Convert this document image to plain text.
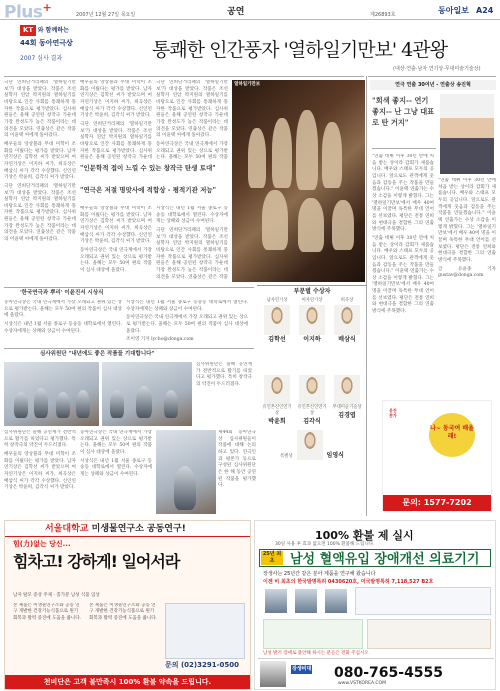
Plus+
2007년 12월 27일 목요일	공연	제26893호	동아일보 A24
KT 와 함께하는
44회 동아연극상
2007 심사 결과	통쾌한 인간풍자 '열하일기만보' 4관왕
(대상·연출·남자 연기상·무대미술기술상)

극단 연희단거리패의 '열하일기만보'가 대상을 받았다. 작품은 조선 실학자 연암 박지원의 열하일기를 바탕으로 인간 사회를 통쾌하게 풍자한 작품으로 평가받았다. 심사위원들은 올해 공연된 창작극 가운데 가장 완성도가 높은 작품이라는 데 의견을 모았다. 연출상은 같은 작품의 이윤택 씨에게 돌아갔다.

배우들의 앙상블과 무대 미학이 조화를 이뤘다는 평가를 받았다. 남자연기상은 김학선 씨가 받았으며 여자연기상은 이지하 씨가, 희곡상은 배삼식 씨가 각각 수상했다. 신인연기상은 박윤희, 김각식 씨가 받았다.

극단 연희단거리패의 '열하일기만보'가 대상을 받았다. 작품은 조선 실학자 연암 박지원의 열하일기를 바탕으로 인간 사회를 통쾌하게 풍자한 작품으로 평가받았다. 심사위원들은 올해 공연된 창작극 가운데 가장 완성도가 높은 작품이라는 데 의견을 모았다. 연출상은 같은 작품의 이윤택 씨에게 돌아갔다.

배우들의 앙상블과 무대 미학이 조화를 이뤘다는 평가를 받았다. 남자연기상은 김학선 씨가 받았으며 여자연기상은 이지하 씨가, 희곡상은 배삼식 씨가 각각 수상했다. 신인연기상은 박윤희, 김각식 씨가 받았다.

극단 연희단거리패의 '열하일기만보'가 대상을 받았다. 작품은 조선 실학자 연암 박지원의 열하일기를 바탕으로 인간 사회를 통쾌하게 풍자한 작품으로 평가받았다. 심사위원들은 올해 공연된 창작극 가운데

극단 연희단거리패의 '열하일기만보'가 대상을 받았다. 작품은 조선 실학자 연암 박지원의 열하일기를 바탕으로 인간 사회를 통쾌하게 풍자한 작품으로 평가받았다. 심사위원들은 올해 공연된 창작극 가운데 가장 완성도가 높은 작품이라는 데 의견을 모았다. 연출상은 같은 작품의 이윤택 씨에게 돌아갔다.

동아연극상은 국내 연극계에서 가장 오래되고 권위 있는 상으로 평가받는다. 올해는 모두 50여 편의 작품

"인문학적 접이 느낄 수 있는 창작극 탄생 토대"
"연극은 저절 명맞사에 적합상 - 평적기관 저능"

배우들의 앙상블과 무대 미학이 조화를 이뤘다는 평가를 받았다. 남자연기상은 김학선 씨가 받았으며 여자연기상은 이지하 씨가, 희곡상은 배삼식 씨가 각각 수상했다. 신인연기상은 박윤희, 김각식 씨가 받았다.

동아연극상은 국내 연극계에서 가장 오래되고 권위 있는 상으로 평가받는다. 올해는 모두 50여 편의 작품이 심사 대상에 올랐다.

시상식은 내년 1월 서울 종로구 동숭동 대학로에서 열린다. 수상자에게는 상패와 상금이 수여된다.

극단 연희단거리패의 '열하일기만보'가 대상을 받았다. 작품은 조선 실학자 연암 박지원의 열하일기를 바탕으로 인간 사회를 통쾌하게 풍자한 작품으로 평가받았다. 심사위원들은 올해 공연된 창작극 가운데 가장 완성도가 높은 작품이라는 데 의견을 모았다. 연출상은 같은 작품

열하일기만보
'한국연극과 뿌리' 이윤진서 시상식

동아연극상은 국내 연극계에서 가장 오래되고 권위 있는 상으로 평가받는다. 올해는 모두 50여 편의 작품이 심사 대상에 올랐다.

시상식은 내년 1월 서울 종로구 동숭동 대학로에서 열린다. 수상자에게는 상패와 상금이 수여된다.

시상식은 내년 1월 서울 종로구 동숭동 대학로에서 열린다. 수상자에게는 상패와 상금이 수여된다.

동아연극상은 국내 연극계에서 가장 오래되고 권위 있는 상으로 평가받는다. 올해는 모두 50여 편의 작품이 심사 대상에 올랐다.

조이영 기자 lycho@donga.com

심사위원단 "내년에도 좋은 작품들 기대합니다"

심사위원단은 올해 공연계가 전반적으로 활기를 띠었다고 평가했다. 특히 창작극의 약진이 두드러졌다.

심사위원단은 올해 공연계가 전반적으로 활기를 띠었다고 평가했다. 특히 창작극의 약진이 두드러졌다.

배우들의 앙상블과 무대 미학이 조화를 이뤘다는 평가를 받았다. 남자연기상은 김학선 씨가 받았으며 여자연기상은 이지하 씨가, 희곡상은 배삼식 씨가 각각 수상했다. 신인연기상은 박윤희, 김각식 씨가 받았다.

동아연극상은 국내 연극계에서 가장 오래되고 권위 있는 상으로 평가받는다. 올해는 모두 50여 편의 작품이 심사 대상에 올랐다.

시상식은 내년 1월 서울 종로구 동숭동 대학로에서 열린다. 수상자에게는 상패와 상금이 수여된다.

제44회 동아연극상 심사위원들이 작품에 대해 논의하고 있다. 연극인과 평론가 등으로 구성된 심사위원단은 한 해 동안 공연된 작품을 평가했다.

부문별 수상자
남자연기상
김학선
여자연기상
이지하
희곡상
배삼식
유인촌신인연기상
박윤희
유인촌신인연기상
김각식
무대미술기술상
김경엽
특별상	임영식
연극 연출 30여년 - 연출상 송진혁
"회색 좋지-- 연기 좋지-- 난 그냥 대표로 탄 거지"

"연출 데뷔 이후 30년 만에 처음 받는 상이라 감회가 새롭습니다. 배우와 스태프 모두의 공입니다. 앞으로도 관객에게 웃음과 감동을 주는 작품을 만들겠습니다." 이윤택 연출가는 수상 소감을 이렇게 밝혔다. 그는 '열하일기만보'에서 배우 40여 명을 이끌며 독특한 무대 언어를 선보였다. 평단은 전통 연희와 현대극을 결합한 그의 연출 방식에 주목했다.

"연출 데뷔 이후 30년 만에 처음 받는 상이라 감회가 새롭습니다. 배우와 스태프 모두의 공입니다. 앞으로도 관객에게 웃음과 감동을 주는 작품을 만들겠습니다." 이윤택 연출가는 수상 소감을 이렇게 밝혔다. 그는 '열하일기만보'에서 배우 40여 명을 이끌며 독특한 무대 언어를 선보였다. 평단은 전통 연희와 현대극을 결합한 그의 연출 방식에 주목했다.

"연출 데뷔 이후 30년 만에 처음 받는 상이라 감회가 새롭습니다. 배우와 스태프 모두의 공입니다. 앞으로도 관객에게 웃음과 감동을 주는 작품을 만들겠습니다." 이윤택 연출가는 수상 소감을 이렇게 밝혔다. 그는 '열하일기만보'에서 배우 40여 명을 이끌며 독특한 무대 언어를 선보였다. 평단은 전통 연희와 현대극을 결합한 그의 연출 방식에 주목했다.

글 유윤종 기자 gustav@donga.com

웅진 찬가
나~ 동국여 배울래!
문의: 1577-7202
서울대학교 미생물연구소 공동연구!
힘(力)없는 당신...
힘차고! 강하게! 일어서라
남자 탈모 증상 주제 · 홀가분 남성 식품 임상
본 제품은 미생물연구소와 공동 연구 개발한 건강기능식품으로 원기 회복과 활력 증진에 도움을 줍니다.
본 제품은 미생물연구소와 공동 연구 개발한 건강기능식품으로 원기 회복과 활력 증진에 도움을 줍니다.
문의 (02)3291-0500
천비단은 고객 불만족시 100% 환불 약속을 드립니다.
100% 환불 제 실시
30일 사용 후 효과 없으면 100% 환불해 드립니다.
25년 최초	남성 혈액유입 장애개선 의료기기
장생사는 25년간 같은 분야 제품을 연구해 왔습니다
이젠 비 최초의 한국발명특허 0430620호, 미국발명특허 7,118,527 B2호
남성 발기 장애로 불안해 하시는 분들은 전화 주십시오
장생비대 080-765-4555
www.VSTKOREA.COM
